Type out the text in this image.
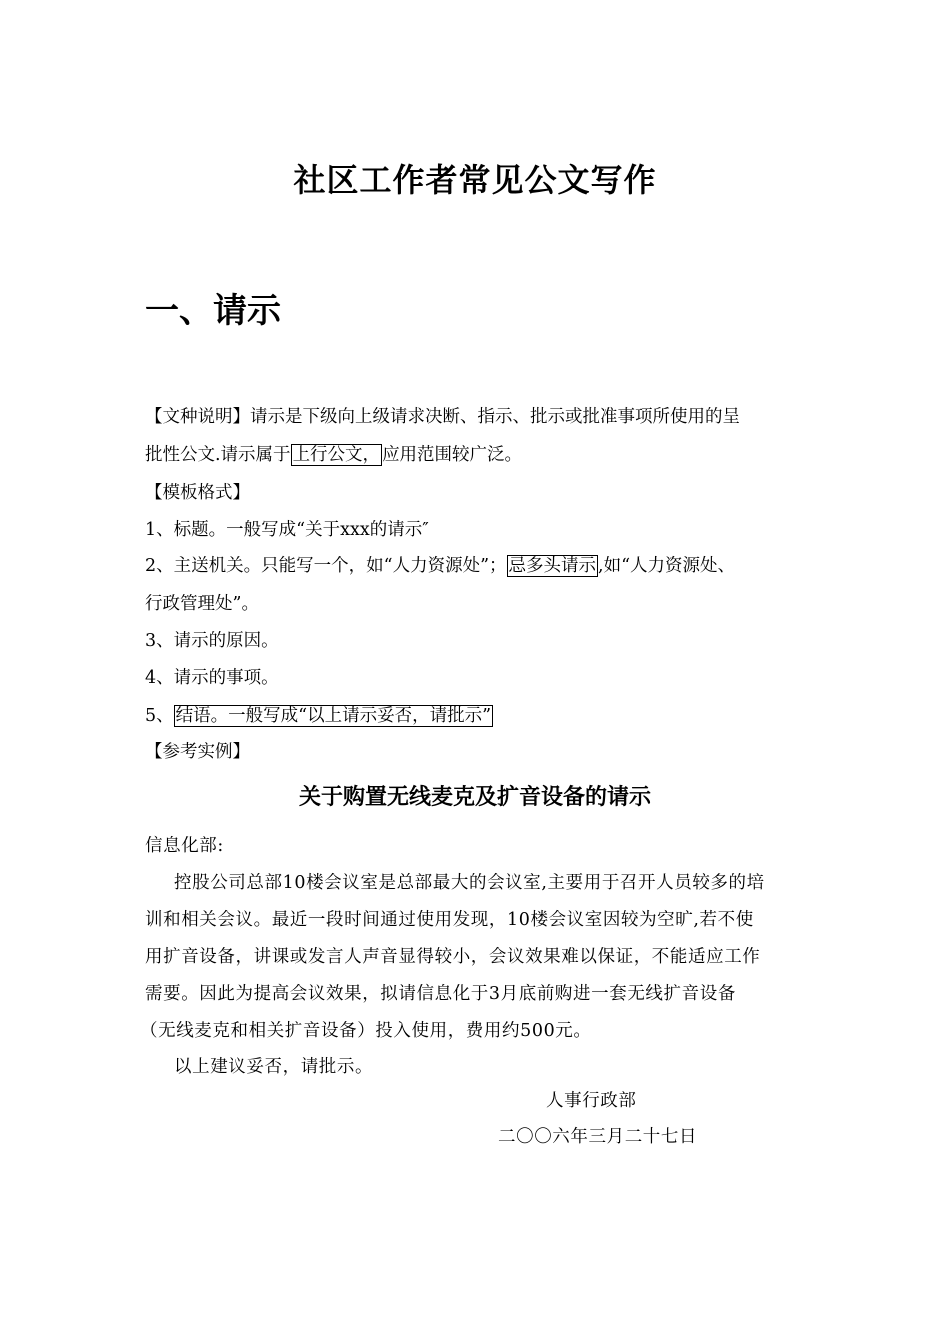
社区工作者常见公文写作
一、请示
【文种说明】请示是下级向上级请求决断、指示、批示或批准事项所使用的呈
批性公文.请示属于 上行公文， 应用范围较广泛。
【模板格式】
1、标题。一般写成“关于xxx的请示″
2、主送机关。只能写一个，如“人力资源处”； 忌多头请示 ,如“人力资源处、
行政管理处”。
3、请示的原因。
4、请示的事项。
5、 结语。一般写成“以上请示妥否，请批示”
【参考实例】
关于购置无线麦克及扩音设备的请示
信息化部:
控股公司总部10楼会议室是总部最大的会议室,主要用于召开人员较多的培
训和相关会议。最近一段时间通过使用发现，10楼会议室因较为空旷,若不使
用扩音设备，讲课或发言人声音显得较小，会议效果难以保证，不能适应工作
需要。因此为提高会议效果，拟请信息化于3月底前购进一套无线扩音设备
（无线麦克和相关扩音设备）投入使用，费用约500元。
以上建议妥否，请批示。
人事行政部
二〇〇六年三月二十七日
